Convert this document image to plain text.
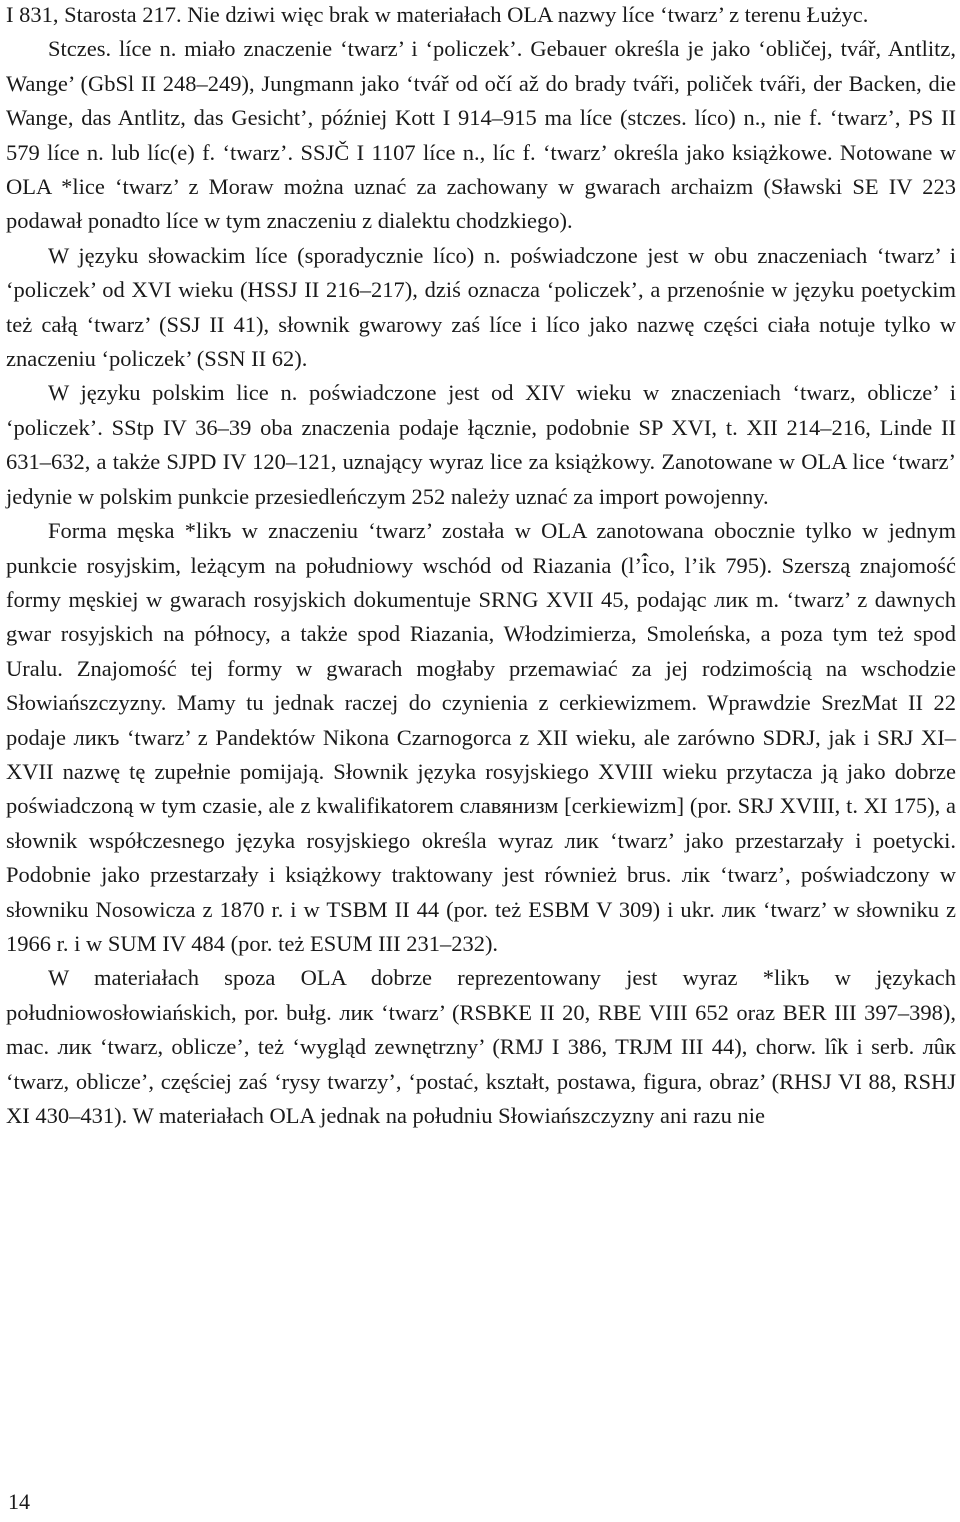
I 831, Starosta 217. Nie dziwi więc brak w materiałach OLA nazwy líce ‘twarz’ z terenu Łużyc.

Stczes. líce n. miało znaczenie ‘twarz’ i ‘policzek’. Gebauer określa je jako ‘obličej, tvář, Antlitz, Wange’ (GbSl II 248–249), Jungmann jako ‘tvář od očí až do brady tváři, poliček tváři, der Backen, die Wange, das Antlitz, das Gesicht’, później Kott I 914–915 ma líce (stczes. líco) n., nie f. ‘twarz’, PS II 579 líce n. lub líc(e) f. ‘twarz’. SSJČ I 1107 líce n., líc f. ‘twarz’ określa jako książkowe. Notowane w OLA *lice ‘twarz’ z Moraw można uznać za zachowany w gwarach archaizm (Sławski SE IV 223 podawał ponadto líce w tym znaczeniu z dialektu chodzkiego).

W języku słowackim líce (sporadycznie líco) n. poświadczone jest w obu znaczeniach ‘twarz’ i ‘policzek’ od XVI wieku (HSSJ II 216–217), dziś oznacza ‘policzek’, a przenośnie w języku poetyckim też całą ‘twarz’ (SSJ II 41), słownik gwarowy zaś líce i líco jako nazwę części ciała notuje tylko w znaczeniu ‘policzek’ (SSN II 62).

W języku polskim lice n. poświadczone jest od XIV wieku w znaczeniach ‘twarz, oblicze’ i ‘policzek’. SStp IV 36–39 oba znaczenia podaje łącznie, podobnie SP XVI, t. XII 214–216, Linde II 631–632, a także SJPD IV 120–121, uznający wyraz lice za książkowy. Zanotowane w OLA lice ‘twarz’ jedynie w polskim punkcie przesiedleńczym 252 należy uznać za import powojenny.

Forma męska *likъ w znaczeniu ‘twarz’ została w OLA zanotowana obocznie tylko w jednym punkcie rosyjskim, leżącym na południowy wschód od Riazania (l’i̇̂co, l’ik 795). Szerszą znajomość formy męskiej w gwarach rosyjskich dokumentuje SRNG XVII 45, podając лик m. ‘twarz’ z dawnych gwar rosyjskich na północy, a także spod Riazania, Włodzimierza, Smoleńska, a poza tym też spod Uralu. Znajomość tej formy w gwarach mogłaby przemawiać za jej rodzimością na wschodzie Słowiańszczyzny. Mamy tu jednak raczej do czynienia z cerkiewizmem. Wprawdzie SrezMat II 22 podaje ликъ ‘twarz’ z Pandektów Nikona Czarnogorca z XII wieku, ale zarówno SDRJ, jak i SRJ XI–XVII nazwę tę zupełnie pomijają. Słownik języka rosyjskiego XVIII wieku przytacza ją jako dobrze poświadczoną w tym czasie, ale z kwalifikatorem славянизм [cerkiewizm] (por. SRJ XVIII, t. XI 175), a słownik współczesnego języka rosyjskiego określa wyraz лик ‘twarz’ jako przestarzały i poetycki. Podobnie jako przestarzały i książkowy traktowany jest również brus. лік ‘twarz’, poświadczony w słowniku Nosowicza z 1870 r. i w TSBM II 44 (por. też ESBM V 309) i ukr. лик ‘twarz’ w słowniku z 1966 r. i w SUM IV 484 (por. też ESUM III 231–232).

W materiałach spoza OLA dobrze reprezentowany jest wyraz *likъ w językach południowosłowiańskich, por. bułg. лик ‘twarz’ (RSBKE II 20, RBE VIII 652 oraz BER III 397–398), mac. лик ‘twarz, oblicze’, też ‘wygląd zewnętrzny’ (RMJ I 386, TRJM III 44), chorw. lîk i serb. лûк ‘twarz, oblicze’, częściej zaś ‘rysy twarzy’, ‘postać, kształt, postawa, figura, obraz’ (RHSJ VI 88, RSHJ XI 430–431). W materiałach OLA jednak na południu Słowiańszczyzny ani razu nie

14
